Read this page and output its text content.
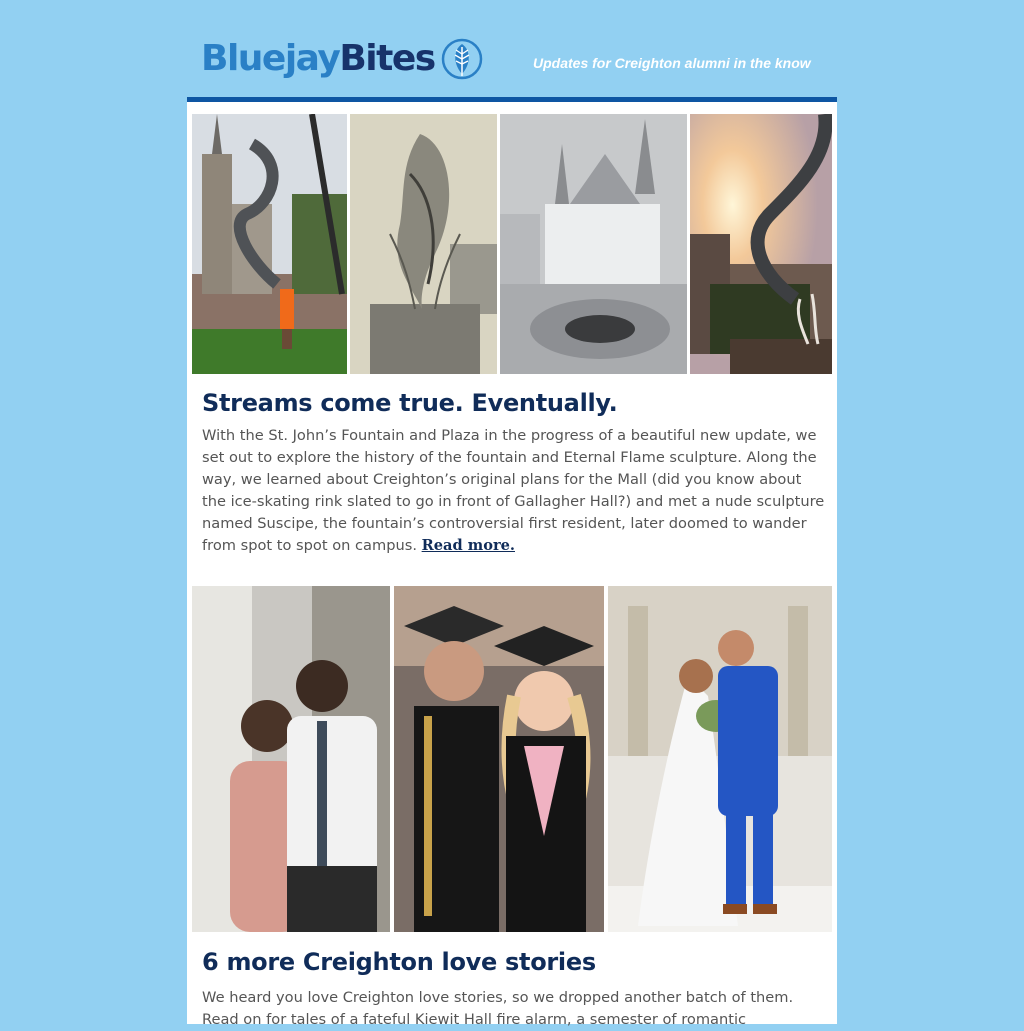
BluejayBites	Updates for Creighton alumni in the know
Streams come true. Eventually.

With the St. John’s Fountain and Plaza in the progress of a beautiful new update, we set out to explore the history of the fountain and Eternal Flame sculpture. Along the way, we learned about Creighton’s original plans for the Mall (did you know about the ice-skating rink slated to go in front of Gallagher Hall?) and met a nude sculpture named Suscipe, the fountain’s controversial first resident, later doomed to wander from spot to spot on campus. Read more.

6 more Creighton love stories

We heard you love Creighton love stories, so we dropped another batch of them. Read on for tales of a fateful Kiewit Hall fire alarm, a semester of romantic
